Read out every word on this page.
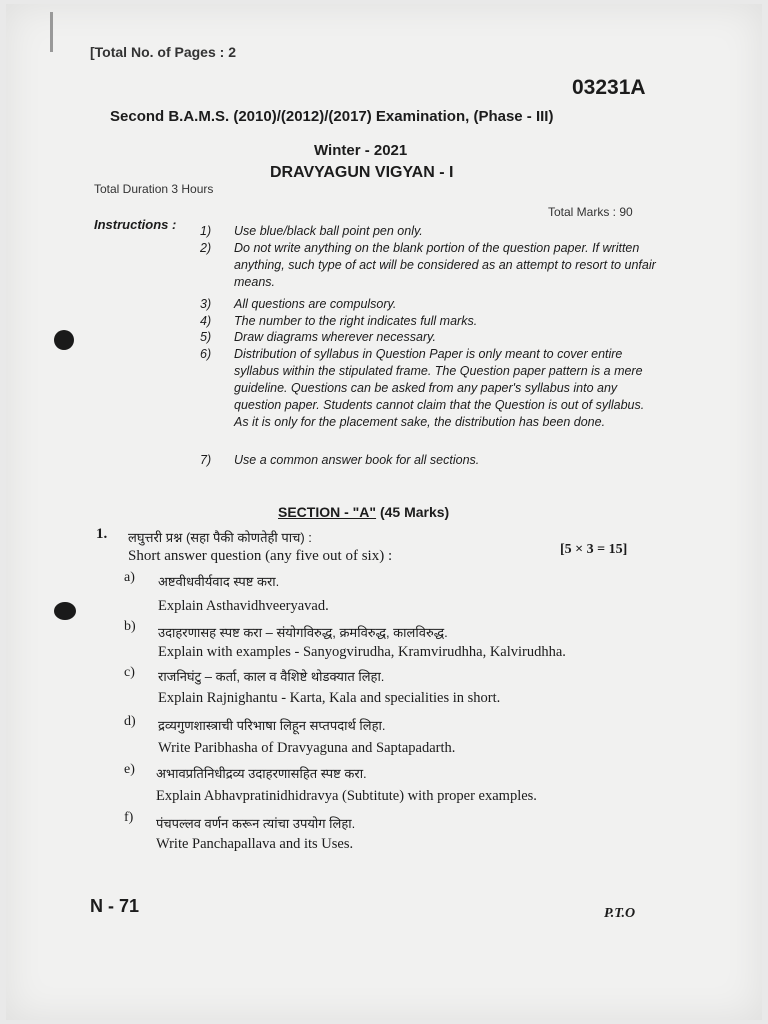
[Total No. of Pages : 2
03231A
Second B.A.M.S. (2010)/(2012)/(2017) Examination, (Phase - III)
Winter - 2021
DRAVYAGUN VIGYAN - I
Total Duration 3 Hours
Total Marks : 90
Instructions : 1)	Use blue/black ball point pen only.
2)	Do not write anything on the blank portion of the question paper. If written anything, such type of act will be considered as an attempt to resort to unfair means.
3)	All questions are compulsory.
4)	The number to the right indicates full marks.
5)	Draw diagrams wherever necessary.
6)	Distribution of syllabus in Question Paper is only meant to cover entire syllabus within the stipulated frame. The Question paper pattern is a mere guideline. Questions can be asked from any paper's syllabus into any question paper. Students cannot claim that the Question is out of syllabus. As it is only for the placement sake, the distribution has been done.
7)	Use a common answer book for all sections.
SECTION - "A" (45 Marks)
1. लघुत्तरी प्रश्न (सहा पैकी कोणतेही पाच) :
Short answer question (any five out of six) :	[5 × 3 = 15]
a) अष्टवीधवीर्यवाद स्पष्ट करा.
Explain Asthavidhveeryavad.
b) उदाहरणासह स्पष्ट करा – संयोगविरुद्ध, क्रमविरुद्ध, कालविरुद्ध.
Explain with examples - Sanyogvirudha, Kramvirudhha, Kalvirudhha.
c) राजनिघंटु – कर्ता, काल व वैशिष्टे थोडक्यात लिहा.
Explain Rajnighantu - Karta, Kala and specialities in short.
d) द्रव्यगुणशास्त्राची परिभाषा लिहून सप्तपदार्थ लिहा.
Write Paribhasha of Dravyaguna and Saptapadarth.
e) अभावप्रतिनिधीद्रव्य उदाहरणासहित स्पष्ट करा.
Explain Abhavpratinidhidravya (Subtitute) with proper examples.
f) पंचपल्लव वर्णन करून त्यांचा उपयोग लिहा.
Write Panchapallava and its Uses.
N - 71	P.T.O
